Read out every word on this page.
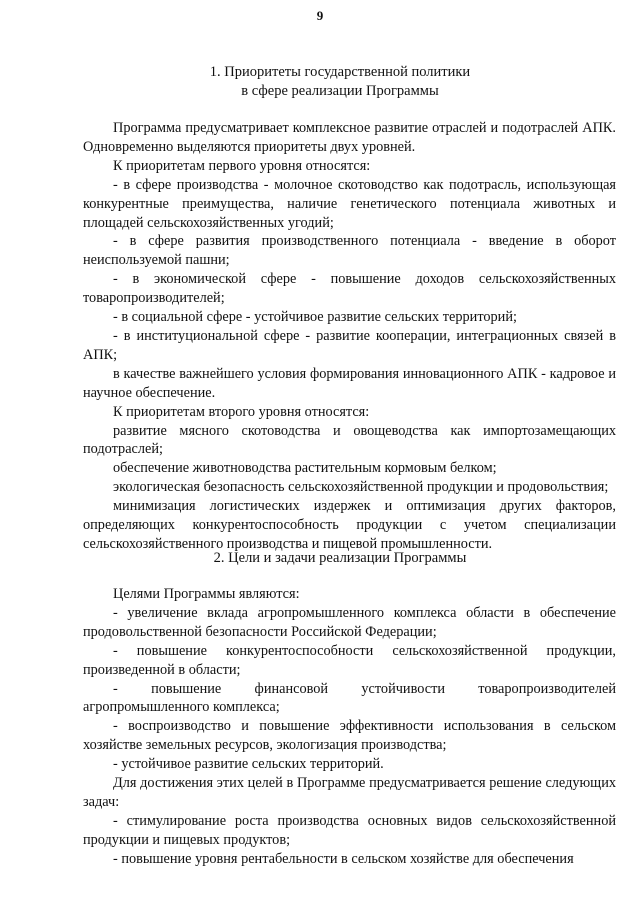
9
1. Приоритеты государственной политики
в сфере реализации Программы

Программа предусматривает комплексное развитие отраслей и подотраслей АПК. Одновременно выделяются приоритеты двух уровней.

К приоритетам первого уровня относятся:

- в сфере производства - молочное скотоводство как подотрасль, использующая конкурентные преимущества, наличие генетического потенциала животных и площадей сельскохозяйственных угодий;

- в сфере развития производственного потенциала - введение в оборот неиспользуемой пашни;

- в экономической сфере - повышение доходов сельскохозяйственных товаропроизводителей;

- в социальной сфере - устойчивое развитие сельских территорий;

- в институциональной сфере - развитие кооперации, интеграционных связей в АПК;

в качестве важнейшего условия формирования инновационного АПК - кадровое и научное обеспечение.

К приоритетам второго уровня относятся:

развитие мясного скотоводства и овощеводства как импортозамещающих подотраслей;

обеспечение животноводства растительным кормовым белком;

экологическая безопасность сельскохозяйственной продукции и продовольствия;

минимизация логистических издержек и оптимизация других факторов, определяющих конкурентоспособность продукции с учетом специализации сельскохозяйственного производства и пищевой промышленности.

2. Цели и задачи реализации Программы

Целями Программы являются:

- увеличение вклада агропромышленного комплекса области в обеспечение продовольственной безопасности Российской Федерации;

- повышение конкурентоспособности сельскохозяйственной продукции, произведенной в области;

- повышение финансовой устойчивости товаропроизводителей агропромышленного комплекса;

- воспроизводство и повышение эффективности использования в сельском хозяйстве земельных ресурсов, экологизация производства;

- устойчивое развитие сельских территорий.

Для достижения этих целей в Программе предусматривается решение следующих задач:

- стимулирование роста производства основных видов сельскохозяйственной продукции и пищевых продуктов;

- повышение уровня рентабельности в сельском хозяйстве для обеспечения
